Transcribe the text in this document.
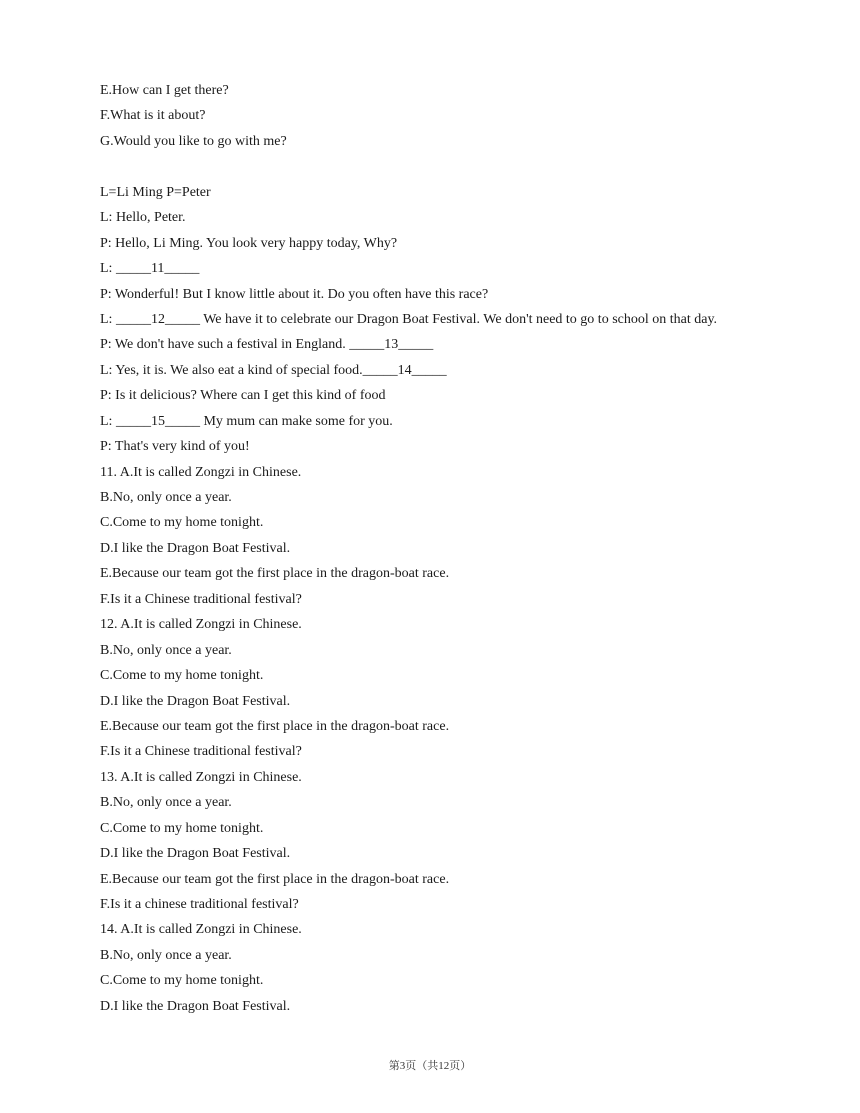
E.How can I get there?
F.What is it about?
G.Would you like to go with me?
L=Li Ming P=Peter
L: Hello, Peter.
P: Hello, Li Ming. You look very happy today, Why?
L: _____11_____
P: Wonderful! But I know little about it. Do you often have this race?
L: _____12_____ We have it to celebrate our Dragon Boat Festival. We don't need to go to school on that day.
P: We don't have such a festival in England. _____13_____
L: Yes, it is. We also eat a kind of special food._____14_____
P: Is it delicious? Where can I get this kind of food
L: _____15_____ My mum can make some for you.
P: That's very kind of you!
11. A.It is called Zongzi in Chinese.
B.No, only once a year.
C.Come to my home tonight.
D.I like the Dragon Boat Festival.
E.Because our team got the first place in the dragon-boat race.
F.Is it a Chinese traditional festival?
12. A.It is called Zongzi in Chinese.
B.No, only once a year.
C.Come to my home tonight.
D.I like the Dragon Boat Festival.
E.Because our team got the first place in the dragon-boat race.
F.Is it a Chinese traditional festival?
13. A.It is called Zongzi in Chinese.
B.No, only once a year.
C.Come to my home tonight.
D.I like the Dragon Boat Festival.
E.Because our team got the first place in the dragon-boat race.
F.Is it a chinese traditional festival?
14. A.It is called Zongzi in Chinese.
B.No, only once a year.
C.Come to my home tonight.
D.I like the Dragon Boat Festival.
第3页（共12页）
